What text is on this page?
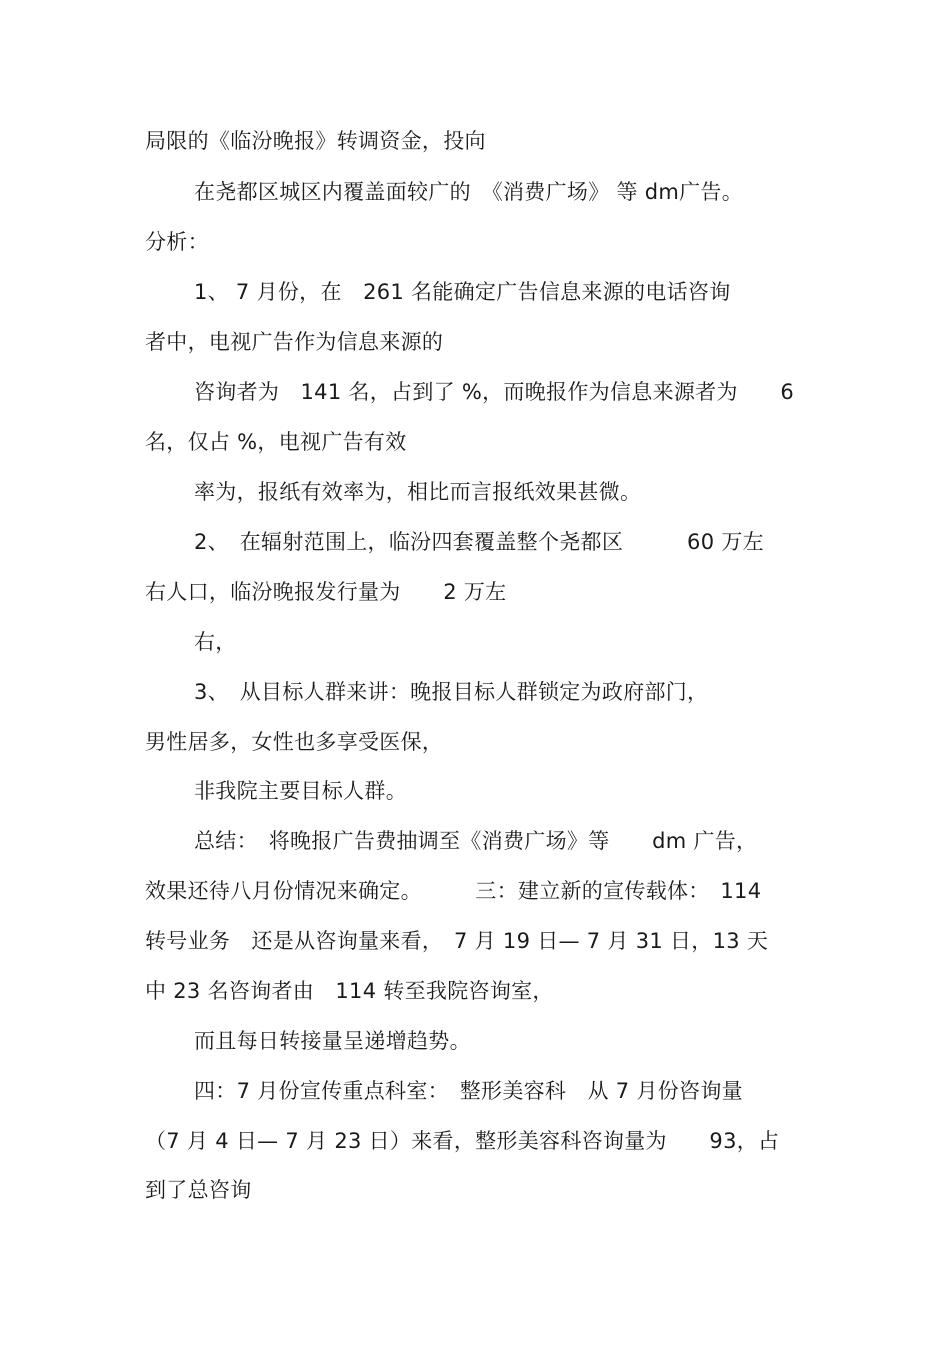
局限的《临汾晚报》转调资金，投向

在尧都区城区内覆盖面较广的　《消费广场》 等 dm广告。

分析：

1、 7 月份，在　261 名能确定广告信息来源的电话咨询

者中，电视广告作为信息来源的

咨询者为　141 名，占到了 %，而晚报作为信息来源者为　　6

名，仅占 %，电视广告有效

率为，报纸有效率为，相比而言报纸效果甚微。

2、　在辐射范围上，临汾四套覆盖整个尧都区　　　60 万左

右人口，临汾晚报发行量为　　2 万左

右，

3、　从目标人群来讲：晚报目标人群锁定为政府部门，

男性居多，女性也多享受医保，

非我院主要目标人群。

总结：　将晚报广告费抽调至《消费广场》等　　dm 广告，

效果还待八月份情况来确定。　　　三：建立新的宣传载体：　114

转号业务　还是从咨询量来看，　7 月 19 日— 7 月 31 日，13 天

中 23 名咨询者由　114 转至我院咨询室，

而且每日转接量呈递增趋势。

四：7 月份宣传重点科室：　整形美容科　从 7 月份咨询量

（7 月 4 日— 7 月 23 日）来看，整形美容科咨询量为　　93，占

到了总咨询
